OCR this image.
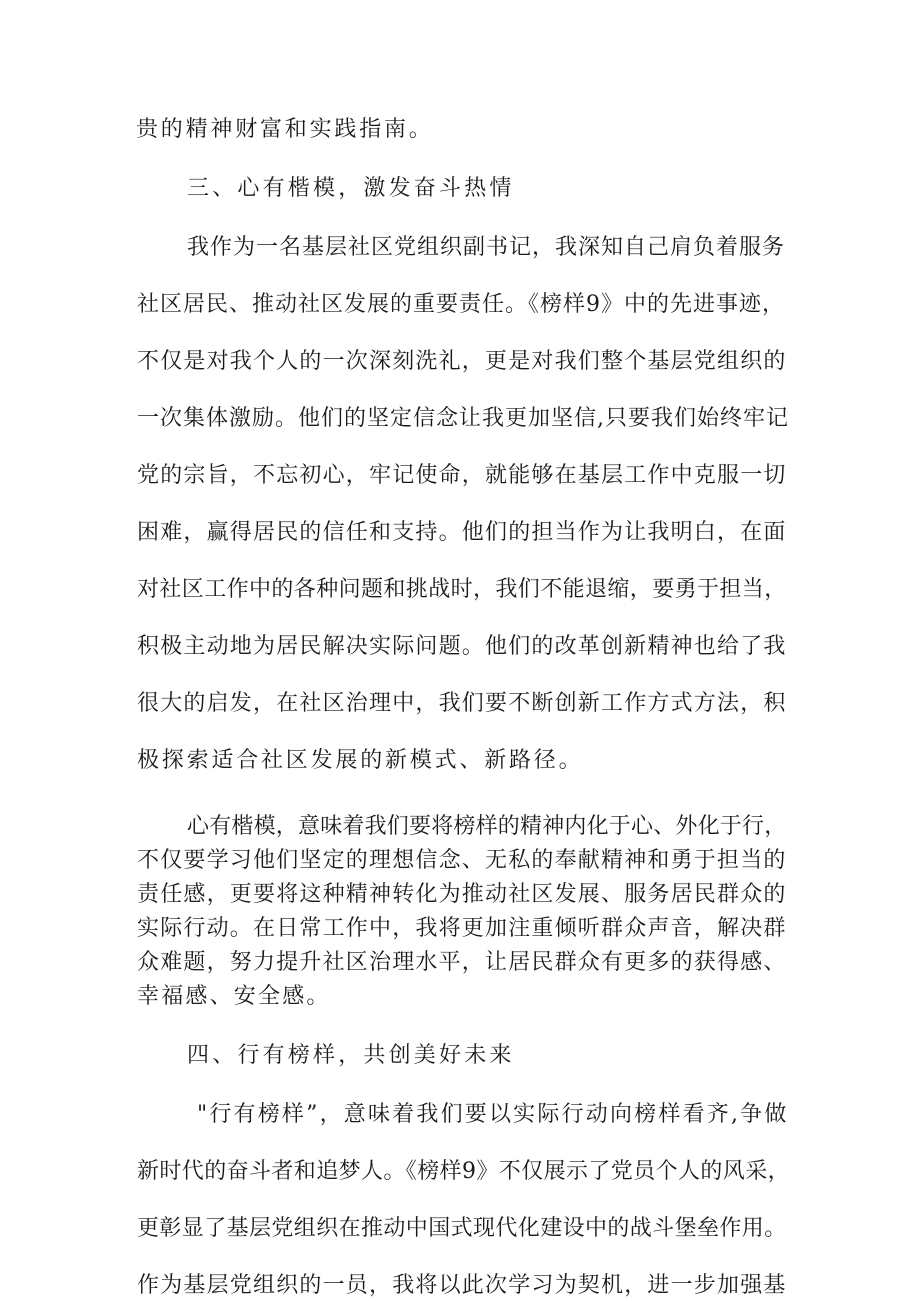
贵的精神财富和实践指南。

三、心有楷模，激发奋斗热情

我作为一名基层社区党组织副书记，我深知自己肩负着服务

社区居民、推动社区发展的重要责任。《榜样9》中的先进事迹，

不仅是对我个人的一次深刻洗礼，更是对我们整个基层党组织的

一次集体激励。他们的坚定信念让我更加坚信,只要我们始终牢记

党的宗旨，不忘初心，牢记使命，就能够在基层工作中克服一切

困难，赢得居民的信任和支持。他们的担当作为让我明白，在面

对社区工作中的各种问题和挑战时，我们不能退缩，要勇于担当，

积极主动地为居民解决实际问题。他们的改革创新精神也给了我

很大的启发，在社区治理中，我们要不断创新工作方式方法，积

极探索适合社区发展的新模式、新路径。

心有楷模，意味着我们要将榜样的精神内化于心、外化于行，

不仅要学习他们坚定的理想信念、无私的奉献精神和勇于担当的

责任感，更要将这种精神转化为推动社区发展、服务居民群众的

实际行动。在日常工作中，我将更加注重倾听群众声音，解决群

众难题，努力提升社区治理水平，让居民群众有更多的获得感、

幸福感、安全感。

四、行有榜样，共创美好未来

"行有榜样”，意味着我们要以实际行动向榜样看齐,争做

新时代的奋斗者和追梦人。《榜样9》不仅展示了党员个人的风采，

更彰显了基层党组织在推动中国式现代化建设中的战斗堡垒作用。

作为基层党组织的一员，我将以此次学习为契机，进一步加强基
